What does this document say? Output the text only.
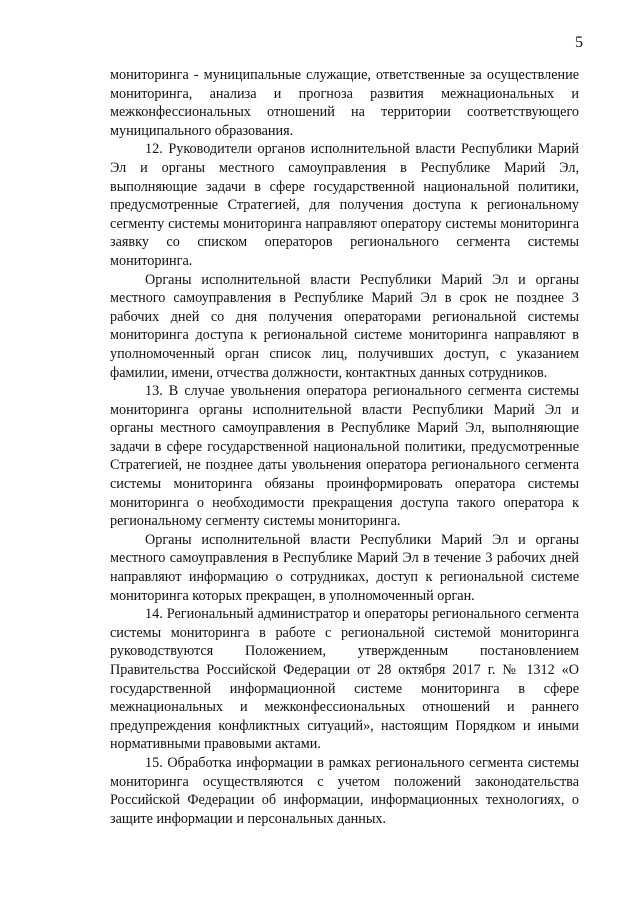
5

мониторинга - муниципальные служащие, ответственные за осуществление мониторинга, анализа и прогноза развития межнациональных и межконфессиональных отношений на территории соответствующего муниципального образования.

12. Руководители органов исполнительной власти Республики Марий Эл и органы местного самоуправления в Республике Марий Эл, выполняющие задачи в сфере государственной национальной политики, предусмотренные Стратегией, для получения доступа к региональному сегменту системы мониторинга направляют оператору системы мониторинга заявку со списком операторов регионального сегмента системы мониторинга.

Органы исполнительной власти Республики Марий Эл и органы местного самоуправления в Республике Марий Эл в срок не позднее 3 рабочих дней со дня получения операторами региональной системы мониторинга доступа к региональной системе мониторинга направляют в уполномоченный орган список лиц, получивших доступ, с указанием фамилии, имени, отчества должности, контактных данных сотрудников.

13. В случае увольнения оператора регионального сегмента системы мониторинга органы исполнительной власти Республики Марий Эл и органы местного самоуправления в Республике Марий Эл, выполняющие задачи в сфере государственной национальной политики, предусмотренные Стратегией, не позднее даты увольнения оператора регионального сегмента системы мониторинга обязаны проинформировать оператора системы мониторинга о необходимости прекращения доступа такого оператора к региональному сегменту системы мониторинга.

Органы исполнительной власти Республики Марий Эл и органы местного самоуправления в Республике Марий Эл в течение 3 рабочих дней направляют информацию о сотрудниках, доступ к региональной системе мониторинга которых прекращен, в уполномоченный орган.

14. Региональный администратор и операторы регионального сегмента системы мониторинга в работе с региональной системой мониторинга руководствуются Положением, утвержденным постановлением Правительства Российской Федерации от 28 октября 2017 г. № 1312 «О государственной информационной системе мониторинга в сфере межнациональных и межконфессиональных отношений и раннего предупреждения конфликтных ситуаций», настоящим Порядком и иными нормативными правовыми актами.

15. Обработка информации в рамках регионального сегмента системы мониторинга осуществляются с учетом положений законодательства Российской Федерации об информации, информационных технологиях, о защите информации и персональных данных.
